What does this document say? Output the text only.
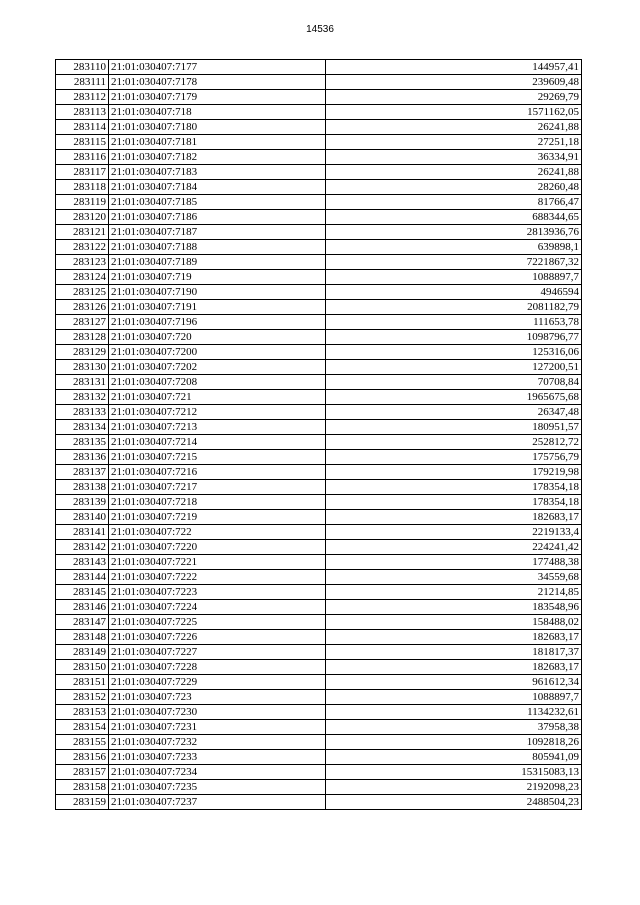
14536
283110	21:01:030407:7177	144957,41
283111	21:01:030407:7178	239609,48
283112	21:01:030407:7179	29269,79
283113	21:01:030407:718	1571162,05
283114	21:01:030407:7180	26241,88
283115	21:01:030407:7181	27251,18
283116	21:01:030407:7182	36334,91
283117	21:01:030407:7183	26241,88
283118	21:01:030407:7184	28260,48
283119	21:01:030407:7185	81766,47
283120	21:01:030407:7186	688344,65
283121	21:01:030407:7187	2813936,76
283122	21:01:030407:7188	639898,1
283123	21:01:030407:7189	7221867,32
283124	21:01:030407:719	1088897,7
283125	21:01:030407:7190	4946594
283126	21:01:030407:7191	2081182,79
283127	21:01:030407:7196	111653,78
283128	21:01:030407:720	1098796,77
283129	21:01:030407:7200	125316,06
283130	21:01:030407:7202	127200,51
283131	21:01:030407:7208	70708,84
283132	21:01:030407:721	1965675,68
283133	21:01:030407:7212	26347,48
283134	21:01:030407:7213	180951,57
283135	21:01:030407:7214	252812,72
283136	21:01:030407:7215	175756,79
283137	21:01:030407:7216	179219,98
283138	21:01:030407:7217	178354,18
283139	21:01:030407:7218	178354,18
283140	21:01:030407:7219	182683,17
283141	21:01:030407:722	2219133,4
283142	21:01:030407:7220	224241,42
283143	21:01:030407:7221	177488,38
283144	21:01:030407:7222	34559,68
283145	21:01:030407:7223	21214,85
283146	21:01:030407:7224	183548,96
283147	21:01:030407:7225	158488,02
283148	21:01:030407:7226	182683,17
283149	21:01:030407:7227	181817,37
283150	21:01:030407:7228	182683,17
283151	21:01:030407:7229	961612,34
283152	21:01:030407:723	1088897,7
283153	21:01:030407:7230	1134232,61
283154	21:01:030407:7231	37958,38
283155	21:01:030407:7232	1092818,26
283156	21:01:030407:7233	805941,09
283157	21:01:030407:7234	15315083,13
283158	21:01:030407:7235	2192098,23
283159	21:01:030407:7237	2488504,23
